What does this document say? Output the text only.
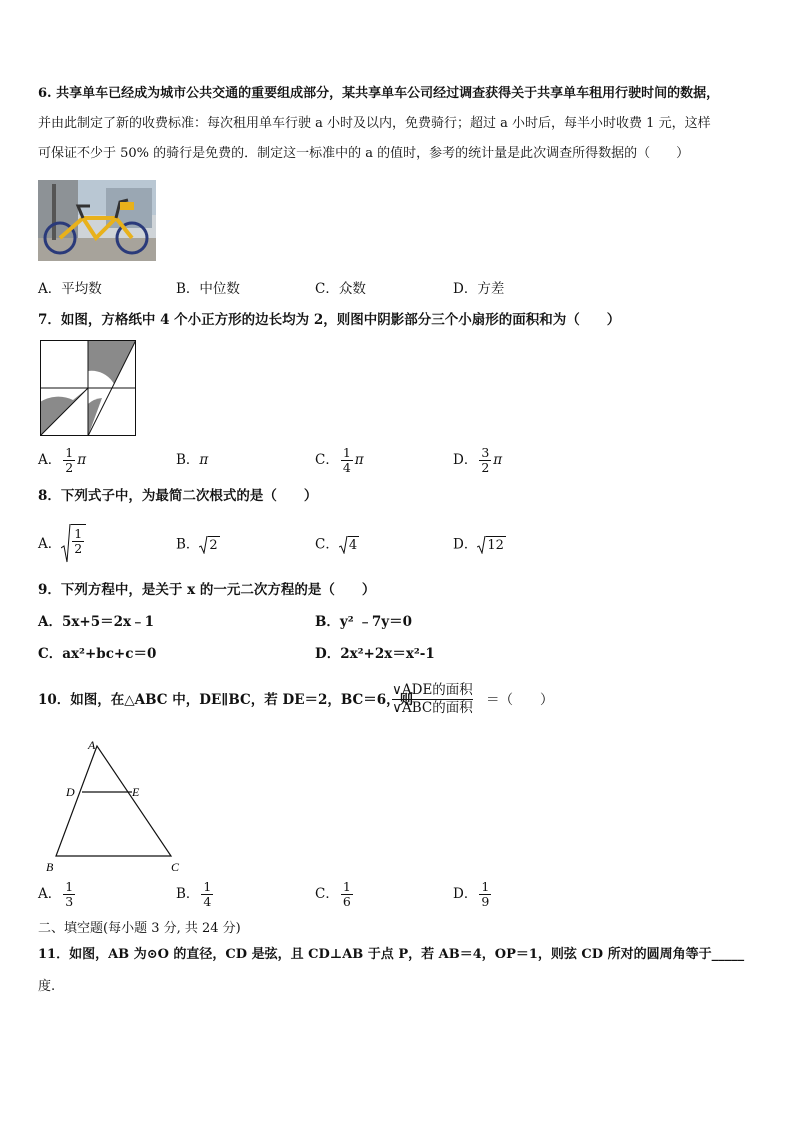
6. 共享单车已经成为城市公共交通的重要组成部分，某共享单车公司经过调查获得关于共享单车租用行驶时间的数据，
并由此制定了新的收费标准：每次租用单车行驶 a 小时及以内，免费骑行；超过 a 小时后，每半小时收费 1 元，这样
可保证不少于 50% 的骑行是免费的．制定这一标准中的 a 的值时，参考的统计量是此次调查所得数据的（　　）
A．平均数	B．中位数	C．众数	D．方差
7．如图，方格纸中 4 个小正方形的边长均为 2，则图中阴影部分三个小扇形的面积和为（　　）
A． $\frac{1}{2}$ π	B．π	C． $\frac{1}{4}$ π	D． $\frac{3}{2}$ π
8．下列式子中，为最简二次根式的是（　　）
A． $\frac{1}{2}$	B． 2	C． 4	D． 12
9．下列方程中，是关于 x 的一元二次方程的是（　　）
A．5x+5＝2x﹣1	B．y² ﹣7y＝0
C．ax²+bc+c＝0	D．2x²+2x＝x²-1
10．如图，在△ABC 中，DE∥BC，若 DE＝2，BC＝6，则
∨ADE的面积
∨ABC的面积 ＝（　　）
A
D	E
B	C
A． $\frac{1}{3}$	B． $\frac{1}{4}$	C． $\frac{1}{6}$	D． $\frac{1}{9}$
二、填空题(每小题 3 分, 共 24 分)
11．如图，AB 为⊙O 的直径，CD 是弦，且 CD⊥AB 于点 P，若 AB＝4，OP＝1，则弦 CD 所对的圆周角等于_____
度.
